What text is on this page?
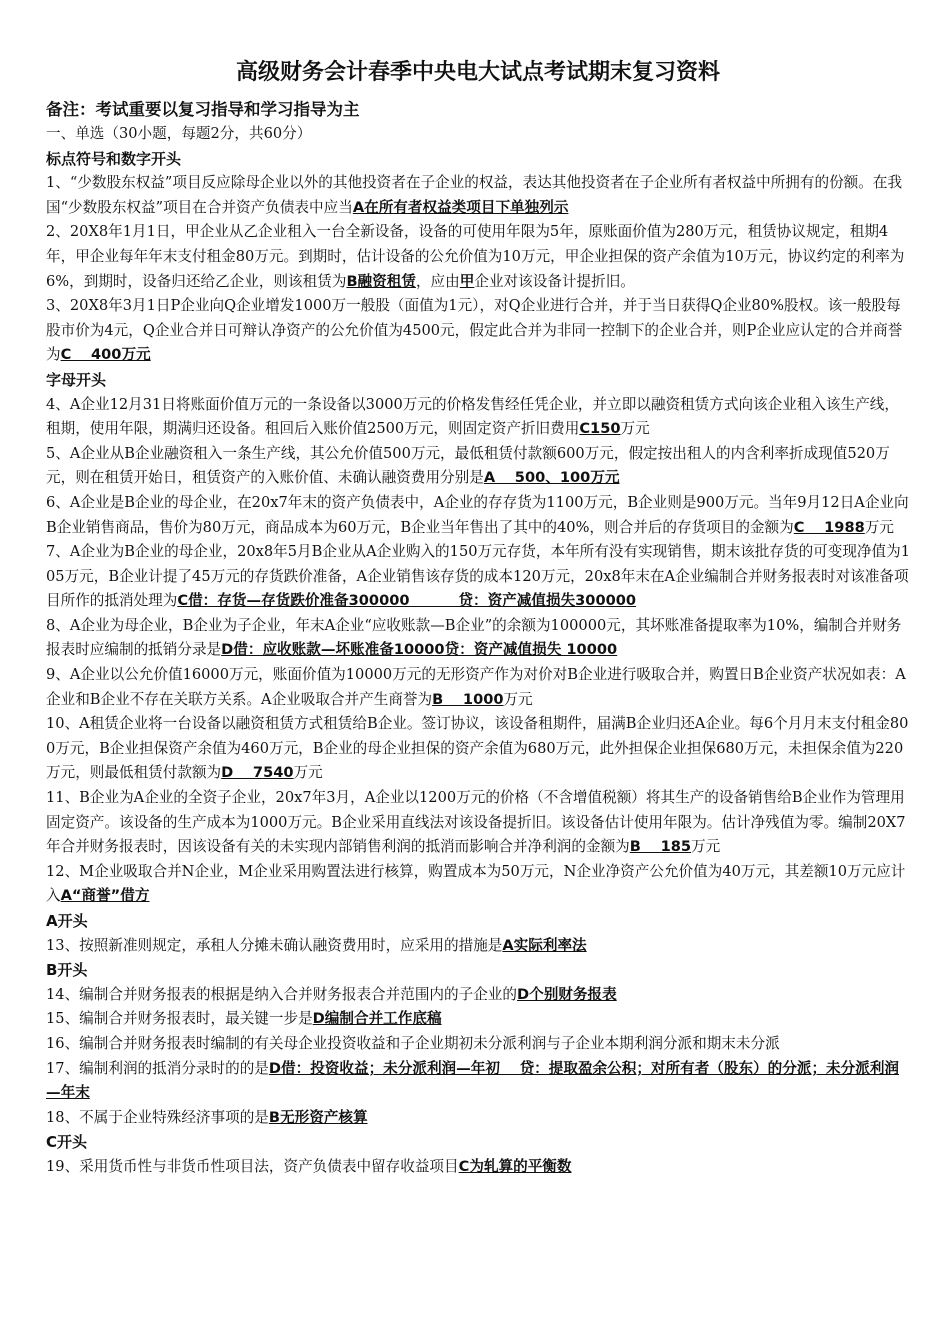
高级财务会计春季中央电大试点考试期末复习资料

备注：考试重要以复习指导和学习指导为主

一、单选（30小题，每题2分，共60分）

标点符号和数字开头

1、“少数股东权益”项目反应除母企业以外的其他投资者在子企业的权益，表达其他投资者在子企业所有者权益中所拥有的份额。在我国“少数股东权益”项目在合并资产负债表中应当A在所有者权益类项目下单独列示

2、20X8年1月1日，甲企业从乙企业租入一台全新设备，设备的可使用年限为5年，原账面价值为280万元，租赁协议规定，租期4年，甲企业每年年末支付租金80万元。到期时，估计设备的公允价值为10万元，甲企业担保的资产余值为10万元，协议约定的利率为6%，到期时，设备归还给乙企业，则该租赁为B融资租赁，应由甲企业对该设备计提折旧。

3、20X8年3月1日P企业向Q企业增发1000万一般股（面值为1元），对Q企业进行合并，并于当日获得Q企业80%股权。该一般股每股市价为4元，Q企业合并日可辩认净资产的公允价值为4500元，假定此合并为非同一控制下的企业合并，则P企业应认定的合并商誉为C　 400万元

字母开头

4、A企业12月31日将账面价值万元的一条设备以3000万元的价格发售经任凭企业，并立即以融资租赁方式向该企业租入该生产线，租期，使用年限，期满归还设备。租回后入账价值2500万元，则固定资产折旧费用C150万元

5、A企业从B企业融资租入一条生产线，其公允价值500万元，最低租赁付款额600万元，假定按出租人的内含利率折成现值520万元，则在租赁开始日，租赁资产的入账价值、未确认融资费用分别是A　 500、100万元

6、A企业是B企业的母企业，在20x7年末的资产负债表中，A企业的存存货为1100万元，B企业则是900万元。当年9月12日A企业向B企业销售商品，售价为80万元，商品成本为60万元，B企业当年售出了其中的40%，则合并后的存货项目的金额为C　 1988万元

7、A企业为B企业的母企业，20x8年5月B企业从A企业购入的150万元存货，本年所有没有实现销售，期末该批存货的可变现净值为105万元，B企业计提了45万元的存货跌价准备，A企业销售该存货的成本120万元，20x8年末在A企业编制合并财务报表时对该准备项目所作的抵消处理为C借：存货—存货跌价准备300000　　　 贷：资产减值损失300000

8、A企业为母企业，B企业为子企业，年末A企业“应收账款—B企业”的余额为100000元，其坏账准备提取率为10%，编制合并财务报表时应编制的抵销分录是D借：应收账款—坏账准备10000贷：资产减值损失 10000

9、A企业以公允价值16000万元，账面价值为10000万元的无形资产作为对价对B企业进行吸取合并，购置日B企业资产状况如表：A企业和B企业不存在关联方关系。A企业吸取合并产生商誉为B　 1000万元

10、A租赁企业将一台设备以融资租赁方式租赁给B企业。签订协议，该设备租期件，届满B企业归还A企业。每6个月月末支付租金800万元，B企业担保资产余值为460万元，B企业的母企业担保的资产余值为680万元，此外担保企业担保680万元，未担保余值为220万元，则最低租赁付款额为D　 7540万元

11、B企业为A企业的全资子企业，20x7年3月，A企业以1200万元的价格（不含增值税额）将其生产的设备销售给B企业作为管理用固定资产。该设备的生产成本为1000万元。B企业采用直线法对该设备提折旧。该设备估计使用年限为。估计净残值为零。编制20X7年合并财务报表时，因该设备有关的未实现内部销售利润的抵消而影响合并净利润的金额为B　 185万元

12、M企业吸取合并N企业，M企业采用购置法进行核算，购置成本为50万元，N企业净资产公允价值为40万元，其差额10万元应计入A“商誉”借方

A开头

13、按照新准则规定，承租人分摊未确认融资费用时，应采用的措施是A实际利率法

B开头

14、编制合并财务报表的根据是纳入合并财务报表合并范围内的子企业的D个别财务报表

15、编制合并财务报表时，最关键一步是D编制合并工作底稿

16、编制合并财务报表时编制的有关母企业投资收益和子企业期初未分派利润与子企业本期利润分派和期末未分派

17、编制利润的抵消分录时的的是D借：投资收益；未分派利润—年初　 贷：提取盈余公积；对所有者（股东）的分派；未分派利润—年末

18、不属于企业特殊经济事项的是B无形资产核算

C开头

19、采用货币性与非货币性项目法，资产负债表中留存收益项目C为轧算的平衡数
